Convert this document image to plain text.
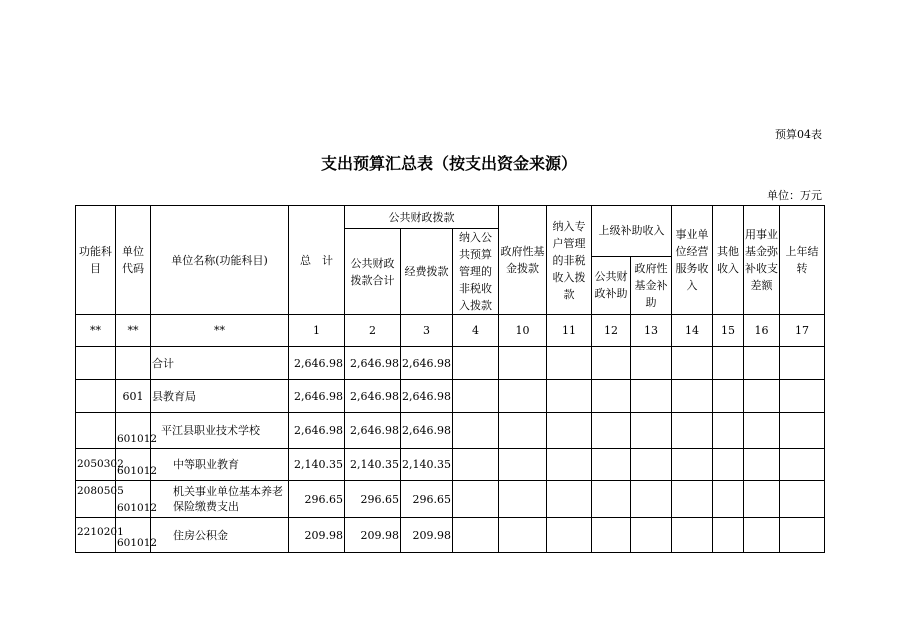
预算04表
支出预算汇总表（按支出资金来源）
单位：万元
功能科目	单位代码	单位名称(功能科目)	总　计	公共财政拨款			政府性基金拨款	纳入专户管理的非税收入拨款	上级补助收入		事业单位经营服务收入	其他收入	用事业基金弥补收支差额	上年结转
				公共财政拨款合计	经费拨款	纳入公共预算管理的非税收入拨款								
									公共财政补助	政府性基金补助				
**	**	**	1	2	3	4	10	11	12	13	14	15	16	17
		合计	2,646.98	2,646.98	2,646.98									
	601	县教育局	2,646.98	2,646.98	2,646.98									
	601012	平江县职业技术学校	2,646.98	2,646.98	2,646.98									
2050302	601012	中等职业教育	2,140.35	2,140.35	2,140.35									
2080505	601012	机关事业单位基本养老保险缴费支出	296.65	296.65	296.65									
2210201	601012	住房公积金	209.98	209.98	209.98									
